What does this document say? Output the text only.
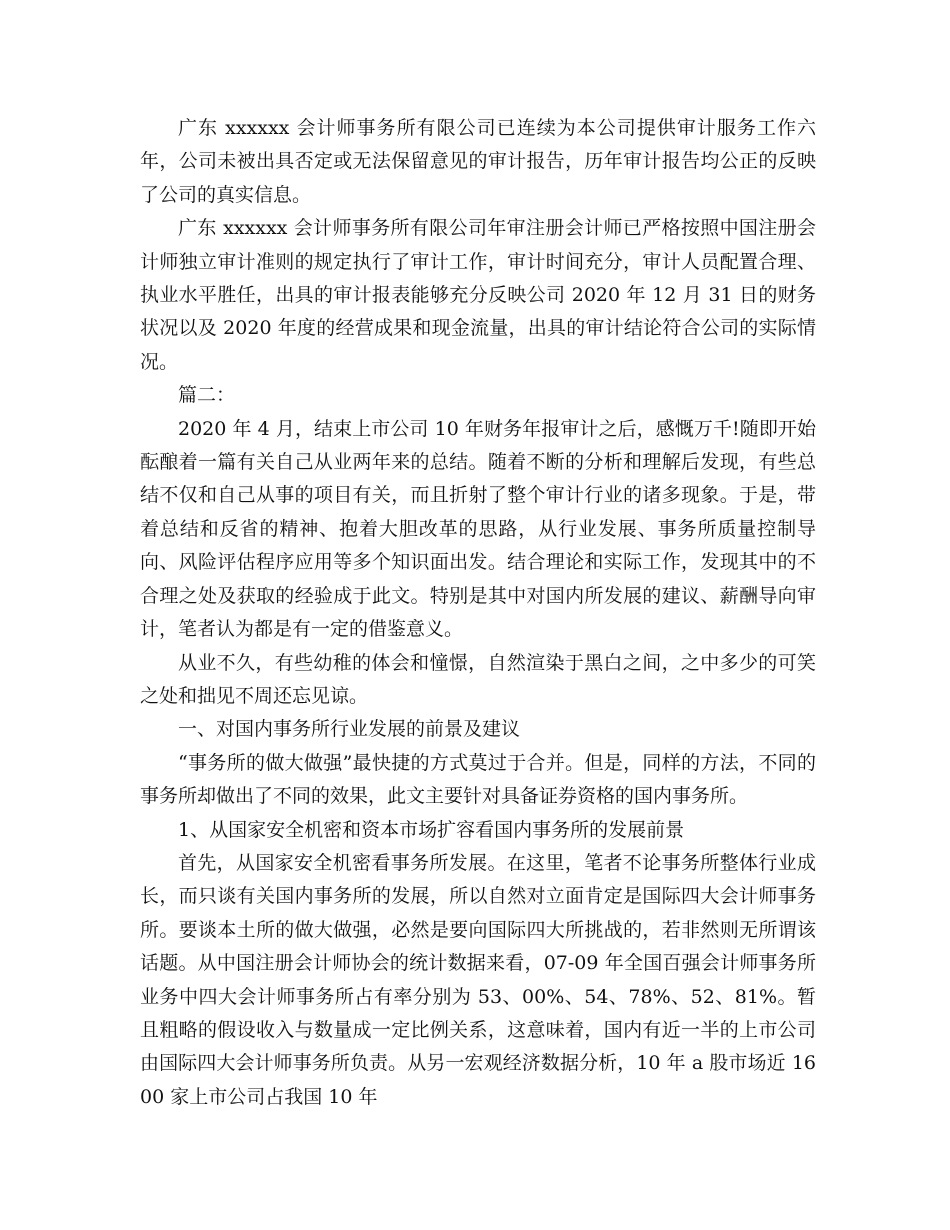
广东 xxxxxx 会计师事务所有限公司已连续为本公司提供审计服务工作六年，公司未被出具否定或无法保留意见的审计报告，历年审计报告均公正的反映了公司的真实信息。

广东 xxxxxx 会计师事务所有限公司年审注册会计师已严格按照中国注册会计师独立审计准则的规定执行了审计工作，审计时间充分，审计人员配置合理、执业水平胜任，出具的审计报表能够充分反映公司 2020 年 12 月 31 日的财务状况以及 2020 年度的经营成果和现金流量，出具的审计结论符合公司的实际情况。

篇二：

2020 年 4 月，结束上市公司 10 年财务年报审计之后，感慨万千!随即开始酝酿着一篇有关自己从业两年来的总结。随着不断的分析和理解后发现，有些总结不仅和自己从事的项目有关，而且折射了整个审计行业的诸多现象。于是，带着总结和反省的精神、抱着大胆改革的思路，从行业发展、事务所质量控制导向、风险评估程序应用等多个知识面出发。结合理论和实际工作，发现其中的不合理之处及获取的经验成于此文。特别是其中对国内所发展的建议、薪酬导向审计，笔者认为都是有一定的借鉴意义。

从业不久，有些幼稚的体会和憧憬，自然渲染于黑白之间，之中多少的可笑之处和拙见不周还忘见谅。

一、对国内事务所行业发展的前景及建议

“事务所的做大做强”最快捷的方式莫过于合并。但是，同样的方法，不同的事务所却做出了不同的效果，此文主要针对具备证券资格的国内事务所。

1、从国家安全机密和资本市场扩容看国内事务所的发展前景

首先，从国家安全机密看事务所发展。在这里，笔者不论事务所整体行业成长，而只谈有关国内事务所的发展，所以自然对立面肯定是国际四大会计师事务所。要谈本土所的做大做强，必然是要向国际四大所挑战的，若非然则无所谓该话题。从中国注册会计师协会的统计数据来看，07-09 年全国百强会计师事务所业务中四大会计师事务所占有率分别为 53、00%、54、78%、52、81%。暂且粗略的假设收入与数量成一定比例关系，这意味着，国内有近一半的上市公司由国际四大会计师事务所负责。从另一宏观经济数据分析，10 年 a 股市场近 1600 家上市公司占我国 10 年
